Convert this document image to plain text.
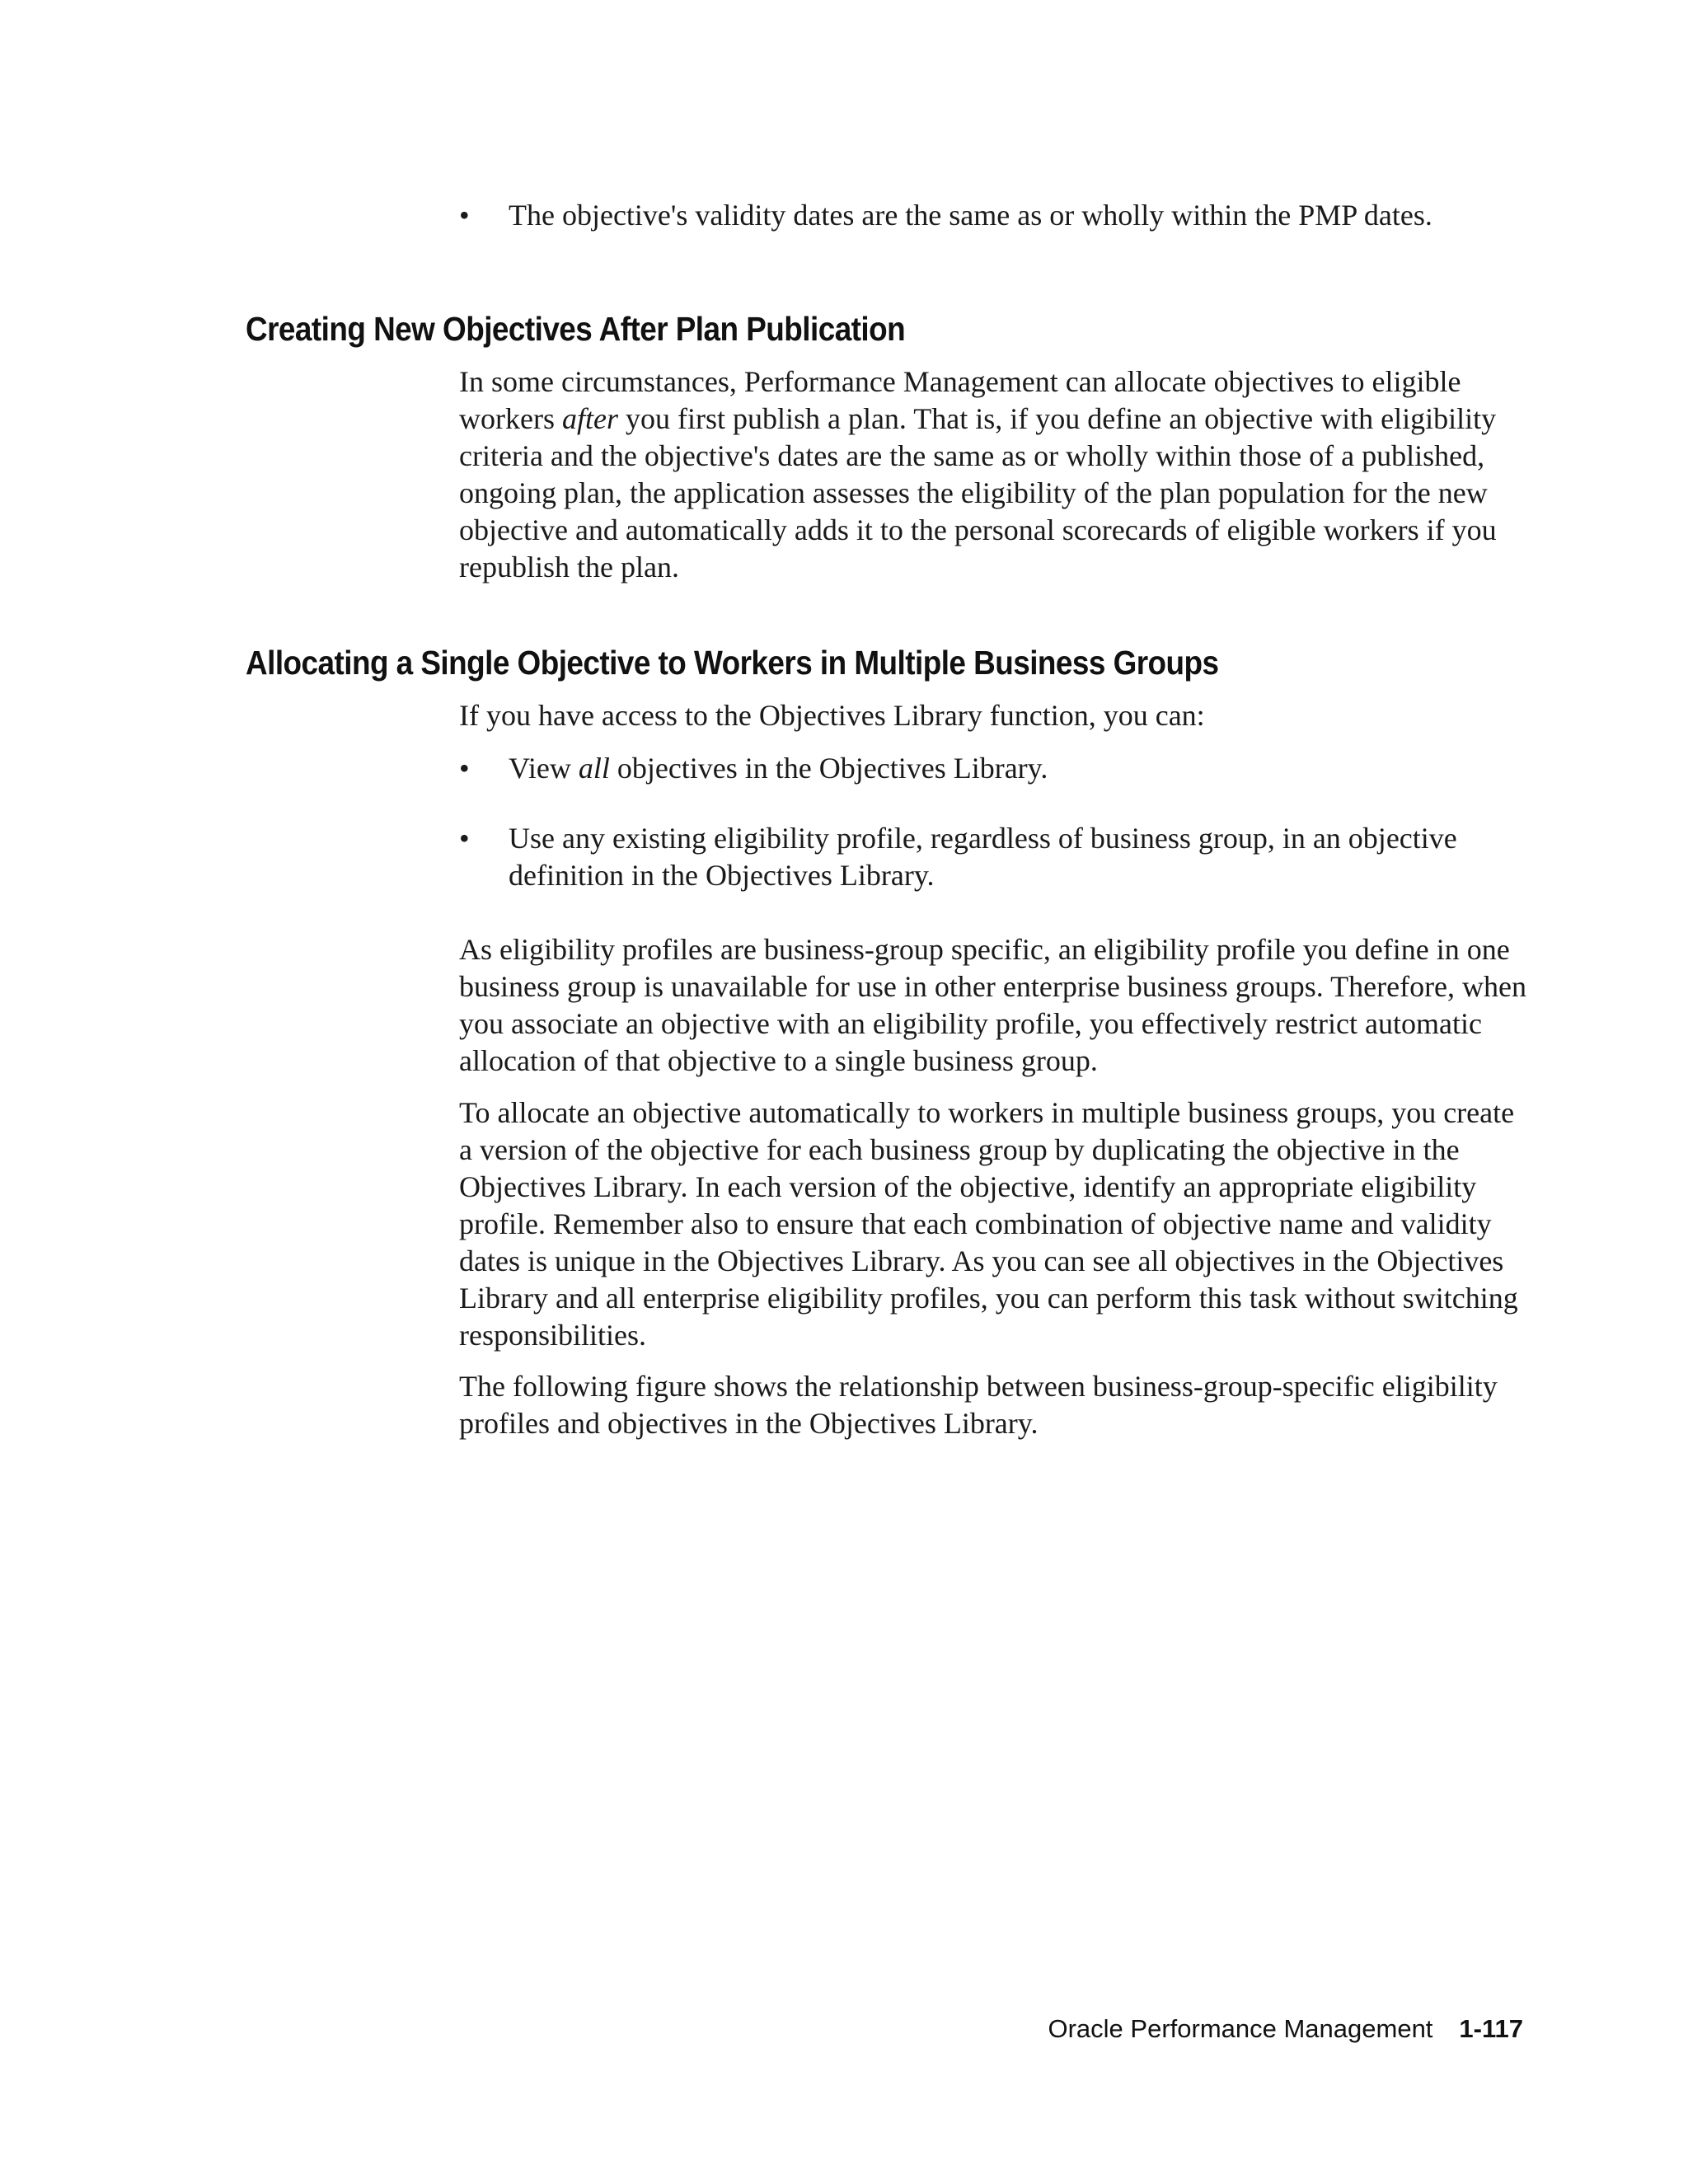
•	The objective's validity dates are the same as or wholly within the PMP dates.
Creating New Objectives After Plan Publication

In some circumstances, Performance Management can allocate objectives to eligible workers after you first publish a plan. That is, if you define an objective with eligibility criteria and the objective's dates are the same as or wholly within those of a published, ongoing plan, the application assesses the eligibility of the plan population for the new objective and automatically adds it to the personal scorecards of eligible workers if you republish the plan.

Allocating a Single Objective to Workers in Multiple Business Groups

If you have access to the Objectives Library function, you can:

•	View all objectives in the Objectives Library.
•	Use any existing eligibility profile, regardless of business group, in an objective definition in the Objectives Library.

As eligibility profiles are business-group specific, an eligibility profile you define in one business group is unavailable for use in other enterprise business groups. Therefore, when you associate an objective with an eligibility profile, you effectively restrict automatic allocation of that objective to a single business group.

To allocate an objective automatically to workers in multiple business groups, you create a version of the objective for each business group by duplicating the objective in the Objectives Library. In each version of the objective, identify an appropriate eligibility profile. Remember also to ensure that each combination of objective name and validity dates is unique in the Objectives Library. As you can see all objectives in the Objectives Library and all enterprise eligibility profiles, you can perform this task without switching responsibilities.

The following figure shows the relationship between business-group-specific eligibility profiles and objectives in the Objectives Library.

Oracle Performance Management 1-117
